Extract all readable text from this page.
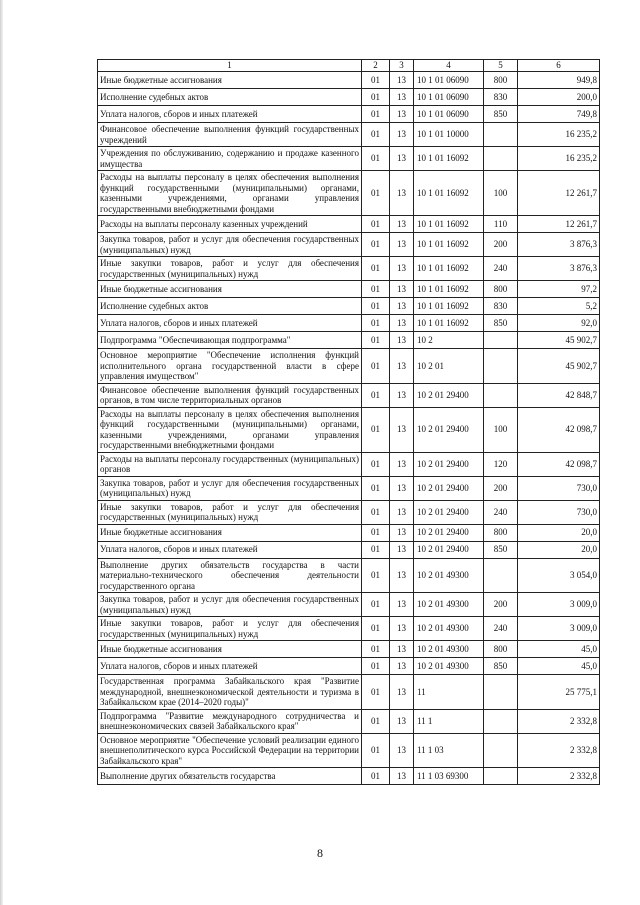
1	2	3	4	5	6
Иные бюджетные ассигнования	01	13	10 1 01 06090	800	949,8
Исполнение судебных актов	01	13	10 1 01 06090	830	200,0
Уплата налогов, сборов и иных платежей	01	13	10 1 01 06090	850	749,8
Финансовое обеспечение выполнения функций государственных учреждений	01	13	10 1 01 10000		16 235,2
Учреждения по обслуживанию, содержанию и продаже казенного имущества	01	13	10 1 01 16092		16 235,2
Расходы на выплаты персоналу в целях обеспечения выполнения функций государственными (муниципальными) органами, казенными учреждениями, органами управления государственными внебюджетными фондами	01	13	10 1 01 16092	100	12 261,7
Расходы на выплаты персоналу казенных учреждений	01	13	10 1 01 16092	110	12 261,7
Закупка товаров, работ и услуг для обеспечения государственных (муниципальных) нужд	01	13	10 1 01 16092	200	3 876,3
Иные закупки товаров, работ и услуг для обеспечения государственных (муниципальных) нужд	01	13	10 1 01 16092	240	3 876,3
Иные бюджетные ассигнования	01	13	10 1 01 16092	800	97,2
Исполнение судебных актов	01	13	10 1 01 16092	830	5,2
Уплата налогов, сборов и иных платежей	01	13	10 1 01 16092	850	92,0
Подпрограмма "Обеспечивающая подпрограмма"	01	13	10 2		45 902,7
Основное мероприятие "Обеспечение исполнения функций исполнительного органа государственной власти в сфере управления имуществом"	01	13	10 2 01		45 902,7
Финансовое обеспечение выполнения функций государственных органов, в том числе территориальных органов	01	13	10 2 01 29400		42 848,7
Расходы на выплаты персоналу в целях обеспечения выполнения функций государственными (муниципальными) органами, казенными учреждениями, органами управления государственными внебюджетными фондами	01	13	10 2 01 29400	100	42 098,7
Расходы на выплаты персоналу государственных (муниципальных) органов	01	13	10 2 01 29400	120	42 098,7
Закупка товаров, работ и услуг для обеспечения государственных (муниципальных) нужд	01	13	10 2 01 29400	200	730,0
Иные закупки товаров, работ и услуг для обеспечения государственных (муниципальных) нужд	01	13	10 2 01 29400	240	730,0
Иные бюджетные ассигнования	01	13	10 2 01 29400	800	20,0
Уплата налогов, сборов и иных платежей	01	13	10 2 01 29400	850	20,0
Выполнение других обязательств государства в части материально-технического обеспечения деятельности государственного органа	01	13	10 2 01 49300		3 054,0
Закупка товаров, работ и услуг для обеспечения государственных (муниципальных) нужд	01	13	10 2 01 49300	200	3 009,0
Иные закупки товаров, работ и услуг для обеспечения государственных (муниципальных) нужд	01	13	10 2 01 49300	240	3 009,0
Иные бюджетные ассигнования	01	13	10 2 01 49300	800	45,0
Уплата налогов, сборов и иных платежей	01	13	10 2 01 49300	850	45,0
Государственная программа Забайкальского края "Развитие международной, внешнеэкономической деятельности и туризма в Забайкальском крае (2014–2020 годы)"	01	13	11		25 775,1
Подпрограмма "Развитие международного сотрудничества и внешнеэкономических связей Забайкальского края"	01	13	11 1		2 332,8
Основное мероприятие "Обеспечение условий реализации единого внешнеполитического курса Российской Федерации на территории Забайкальского края"	01	13	11 1 03		2 332,8
Выполнение других обязательств государства	01	13	11 1 03 69300		2 332,8
8
